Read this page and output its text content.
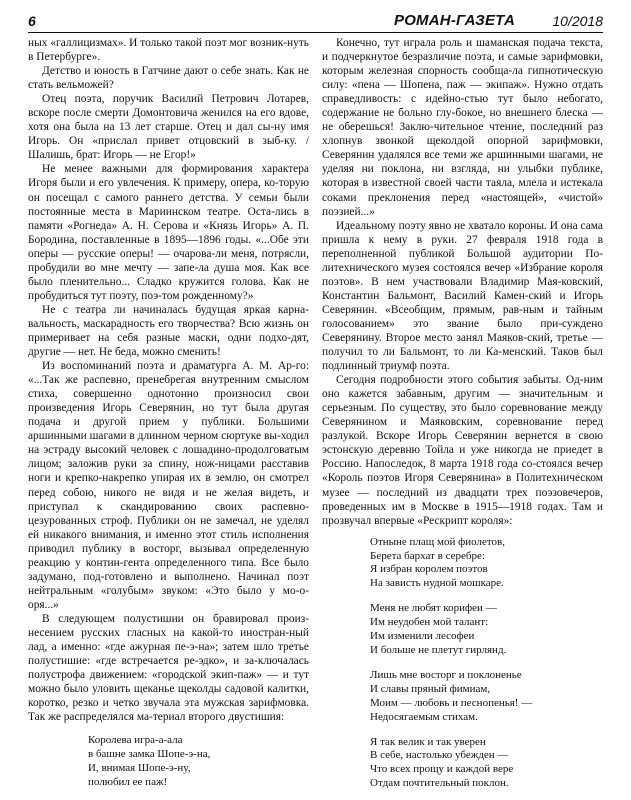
6	РОМАН-ГАЗЕТА	10/2018

ных «галлицизмах». И только такой поэт мог возник-нуть в Петербурге».

Детство и юность в Гатчине дают о себе знать. Как не стать вельможей?

Отец поэта, поручик Василий Петрович Лотарев, вскоре после смерти Домонтовича женился на его вдове, хотя она была на 13 лет старше. Отец и дал сы-ну имя Игорь. Он «прислал привет отцовский в зыб-ку. / Шалишь, брат: Игорь — не Егор!»

Не менее важными для формирования характера Игоря были и его увлечения. К примеру, опера, ко-торую он посещал с самого раннего детства. У семьи были постоянные места в Мариинском театре. Оста-лись в памяти «Рогнеда» А. Н. Серова и «Князь Игорь» А. П. Бородина, поставленные в 1895—1896 годы. «...Обе эти оперы — русские оперы! — очарова-ли меня, потрясли, пробудили во мне мечту — запе-ла душа моя. Как все было пленительно... Сладко кружится голова. Как не пробудиться тут поэту, поэ-том рожденному?»

Не с театра ли начиналась будущая яркая карна-вальность, маскарадность его творчества? Всю жизнь он примеривает на себя разные маски, одни подхо-дят, другие — нет. Не беда, можно сменить!

Из воспоминаний поэта и драматурга А. М. Ар-го: «...Так же распевно, пренебрегая внутренним смыслом стиха, совершенно однотонно произносил свои произведения Игорь Северянин, но тут была другая подача и другой прием у публики. Большими аршинными шагами в длинном черном сюртуке вы-ходил на эстраду высокий человек с лошадино-продолговатым лицом; заложив руки за спину, нож-ницами расставив ноги и крепко-накрепко упирая их в землю, он смотрел перед собою, никого не видя и не желая видеть, и приступал к скандированию своих распевно-цезурованных строф. Публики он не замечал, не уделял ей никакого внимания, и именно этот стиль исполнения приводил публику в восторг, вызывал определенную реакцию у контин-гента определенного типа. Все было задумано, под-готовлено и выполнено. Начинал поэт нейтральным «голубым» звуком: «Это было у мо-о-оря...»

В следующем полустишии он бравировал произ-несением русских гласных на какой-то иностран-ный лад, а именно: «где ажурная пе-э-на»; затем шло третье полустишие: «где встречается ре-эдко», и за-ключалась полустрофа движением: «городской экип-паж» — и тут можно было уловить щеканье щеколды садовой калитки, коротко, резко и четко звучала эта мужская зарифмовка. Так же распределялся ма-териал второго двустишия:

Королева игра-а-ала
в башне замка Шопе-э-на,
И, внимая Шопе-э-ну,
полюбил ее паж!

Конечно, тут играла роль и шаманская подача текста, и подчеркнутое безразличие поэта, и самые зарифмовки, которым железная спорность сообща-ла гипнотическую силу: «пена — Шопена, паж — экипаж». Нужно отдать справедливость: с идейно-стью тут было небогато, содержание не больно глу-бокое, но внешнего блеска — не оберешься! Заклю-чительное чтение, последний раз хлопнув звонкой щеколдой опорной зарифмовки, Северянин удалялся все теми же аршинными шагами, не уделяя ни поклона, ни взгляда, ни улыбки публике, которая в известной своей части таяла, млела и истекала соками преклонения перед «настоящей», «чистой» поэзией...»

Идеальному поэту явно не хватало короны. И она сама пришла к нему в руки. 27 февраля 1918 года в переполненной публикой Большой аудитории По-литехнического музея состоялся вечер «Избрание короля поэтов». В нем участвовали Владимир Мая-ковский, Константин Бальмонт, Василий Камен-ский и Игорь Северянин. «Всеобщим, прямым, рав-ным и тайным голосованием» это звание было при-суждено Северянину. Второе место занял Маяков-ский, третье — получил то ли Бальмонт, то ли Ка-менский. Таков был подлинный триумф поэта.

Сегодня подробности этого события забыты. Од-ним оно кажется забавным, другим — значительным и серьезным. По существу, это было соревнование между Северянином и Маяковским, соревнование перед разлукой. Вскоре Игорь Северянин вернется в свою эстонскую деревню Тойла и уже никогда не приедет в Россию. Напоследок, 8 марта 1918 года со-стоялся вечер «Король поэтов Игоря Северянина» в Политехническом музее — последний из двадцати трех поэзовечеров, проведенных им в Москве в 1915—1918 годах. Там и прозвучал впервые «Рескрипт короля»:

Отныне плащ мой фиолетов,
Берета бархат в серебре:
Я избран королем поэтов
На зависть нудной мошкаре.
Меня не любят корифеи —
Им неудобен мой талант:
Им изменили лесофеи
И больше не плетут гирлянд.
Лишь мне восторг и поклоненье
И славы пряный фимиам,
Моим — любовь и песнопенья! —
Недосягаемым стихам.
Я так велик и так уверен
В себе, настолько убежден —
Что всех прощу и каждой вере
Отдам почтительный поклон.
